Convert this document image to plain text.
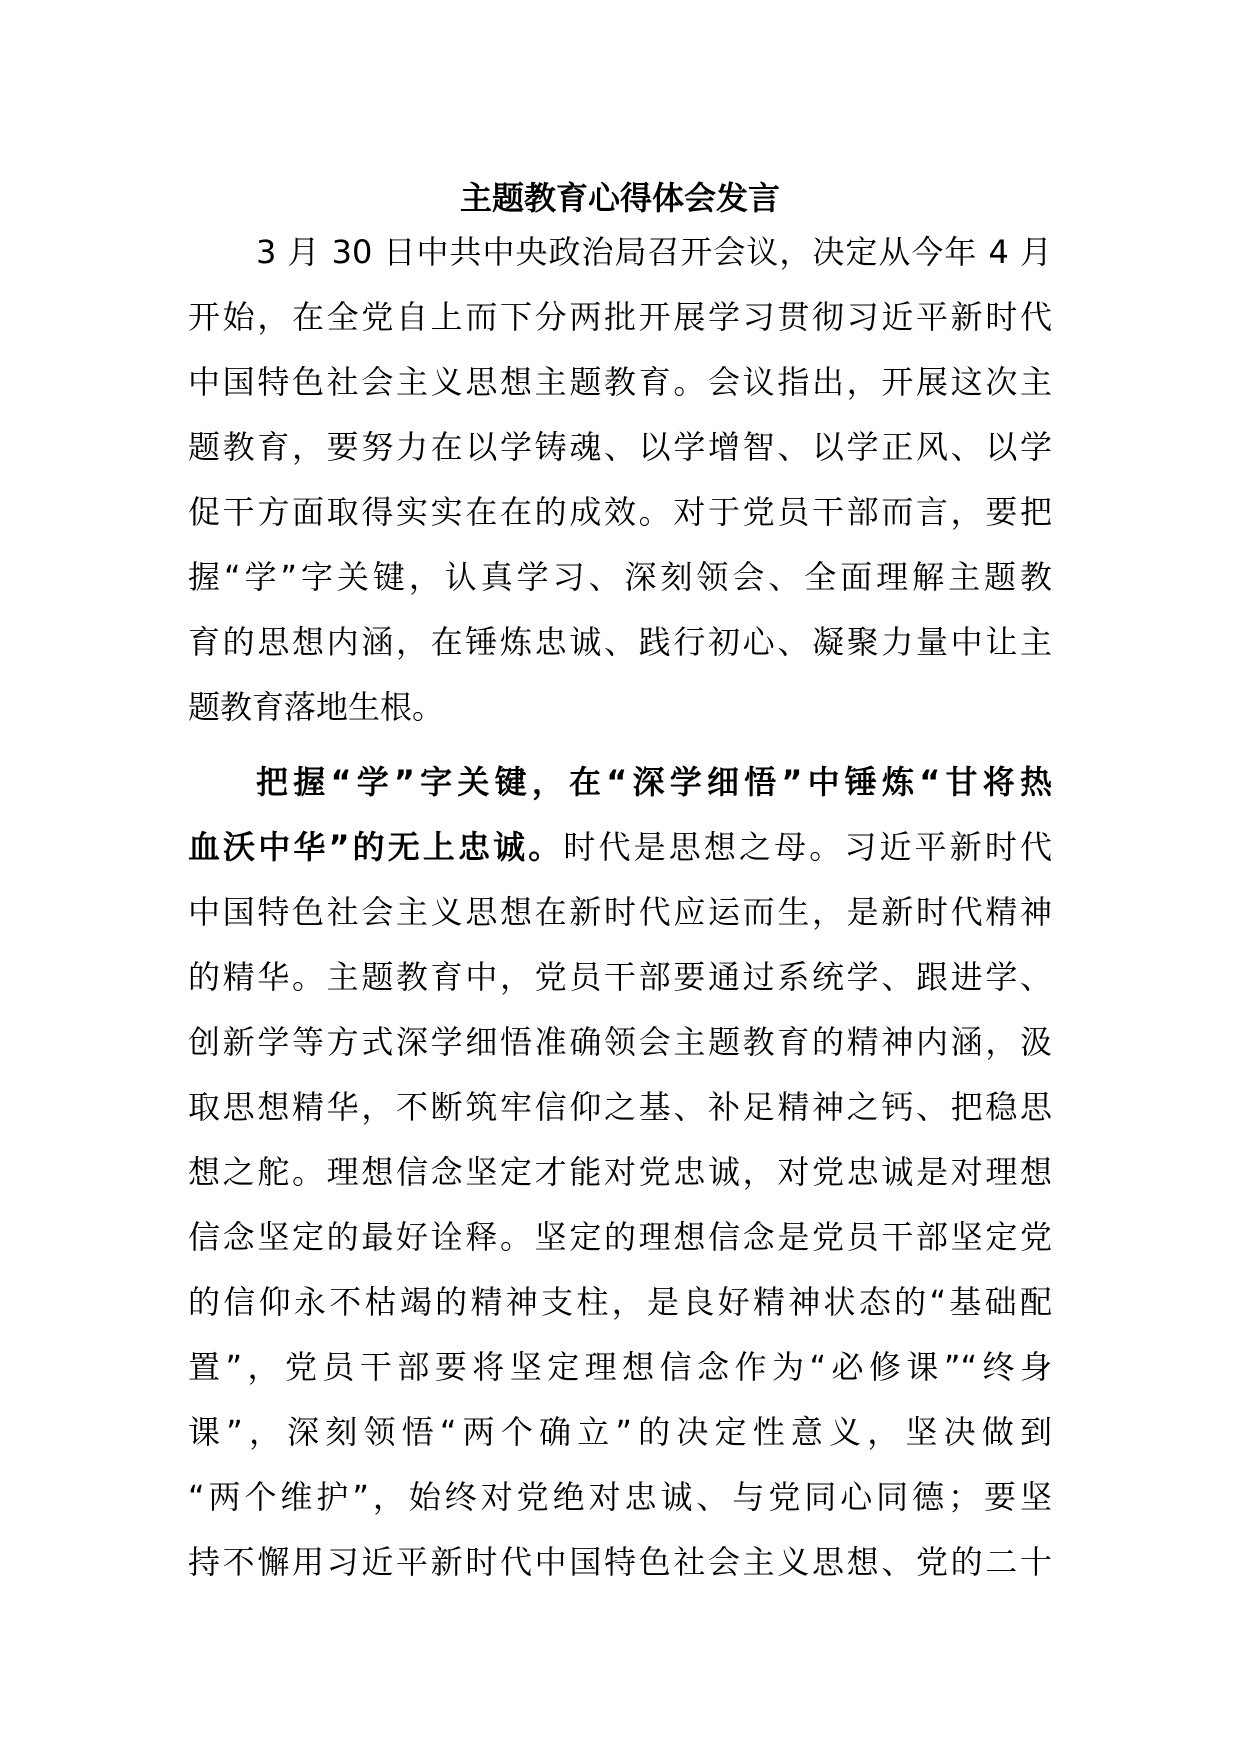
主题教育心得体会发言
3 月 30 日中共中央政治局召开会议，决定从今年 4 月
开始，在全党自上而下分两批开展学习贯彻习近平新时代
中国特色社会主义思想主题教育。会议指出，开展这次主
题教育，要努力在以学铸魂、以学增智、以学正风、以学
促干方面取得实实在在的成效。对于党员干部而言，要把
握“学”字关键，认真学习、深刻领会、全面理解主题教
育的思想内涵，在锤炼忠诚、践行初心、凝聚力量中让主
题教育落地生根。
把握“学”字关键，在“深学细悟”中锤炼“甘将热
血沃中华”的无上忠诚。时代是思想之母。习近平新时代
中国特色社会主义思想在新时代应运而生，是新时代精神
的精华。主题教育中，党员干部要通过系统学、跟进学、
创新学等方式深学细悟准确领会主题教育的精神内涵，汲
取思想精华，不断筑牢信仰之基、补足精神之钙、把稳思
想之舵。理想信念坚定才能对党忠诚，对党忠诚是对理想
信念坚定的最好诠释。坚定的理想信念是党员干部坚定党
的信仰永不枯竭的精神支柱，是良好精神状态的“基础配
置”，党员干部要将坚定理想信念作为“必修课”“终身
课”，深刻领悟“两个确立”的决定性意义，坚决做到
“两个维护”，始终对党绝对忠诚、与党同心同德；要坚
持不懈用习近平新时代中国特色社会主义思想、党的二十
